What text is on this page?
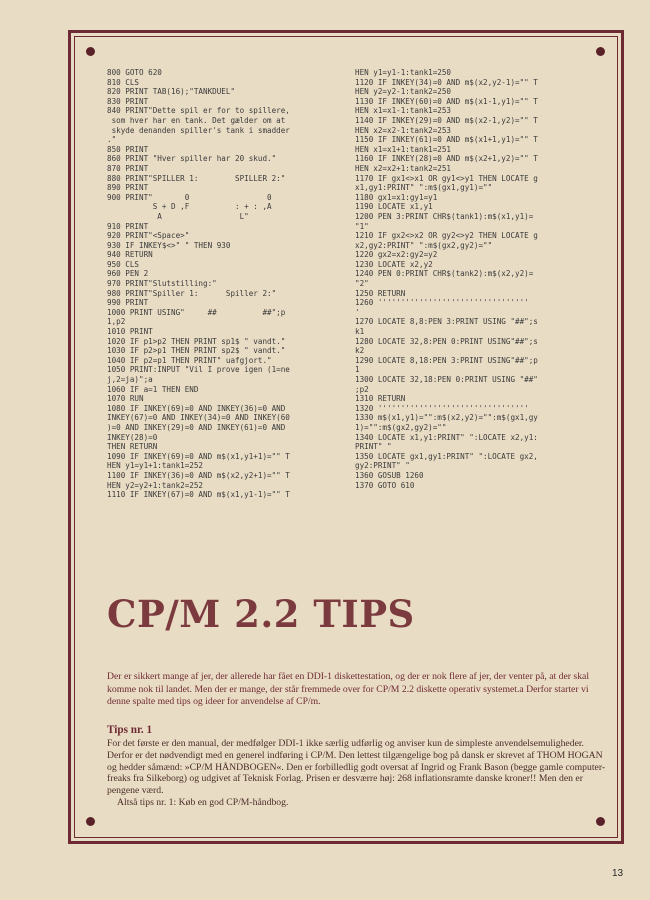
800 GOTO 620
810 CLS
820 PRINT TAB(16);"TANKDUEL"
830 PRINT
840 PRINT"Dette spil er for to spillere,
som hver har en tank. Det gælder om at
skyde denanden spiller's tank i smadder
."
850 PRINT
860 PRINT "Hver spiller har 20 skud."
870 PRINT
880 PRINT"SPILLER 1:        SPILLER 2:"
890 PRINT
900 PRINT"       0                 0
S + D ,F          : + : ,A
A                 L"
910 PRINT
920 PRINT"<Space>"
930 IF INKEY$<>" " THEN 930
940 RETURN
950 CLS
960 PEN 2
970 PRINT"Slutstilling:"
980 PRINT"Spiller 1:      Spiller 2:"
990 PRINT
1000 PRINT USING"     ##          ##";p
1,p2
1010 PRINT
1020 IF p1>p2 THEN PRINT sp1$ " vandt."
1030 IF p2>p1 THEN PRINT sp2$ " vandt."
1040 IF p2=p1 THEN PRINT" uafgjort."
1050 PRINT:INPUT "Vil I prove igen (1=ne
j,2=ja)";a
1060 IF a=1 THEN END
1070 RUN
1080 IF INKEY(69)=0 AND INKEY(36)=0 AND
INKEY(67)=0 AND INKEY(34)=0 AND INKEY(60
)=0 AND INKEY(29)=0 AND INKEY(61)=0 AND
INKEY(28)=0
THEN RETURN
1090 IF INKEY(69)=0 AND m$(x1,y1+1)="" T
HEN y1=y1+1:tank1=252
1100 IF INKEY(36)=0 AND m$(x2,y2+1)="" T
HEN y2=y2+1:tank2=252
1110 IF INKEY(67)=0 AND m$(x1,y1-1)="" T
HEN y1=y1-1:tank1=250
1120 IF INKEY(34)=0 AND m$(x2,y2-1)="" T
HEN y2=y2-1:tank2=250
1130 IF INKEY(60)=0 AND m$(x1-1,y1)="" T
HEN x1=x1-1:tank1=253
1140 IF INKEY(29)=0 AND m$(x2-1,y2)="" T
HEN x2=x2-1:tank2=253
1150 IF INKEY(61)=0 AND m$(x1+1,y1)="" T
HEN x1=x1+1:tank1=251
1160 IF INKEY(28)=0 AND m$(x2+1,y2)="" T
HEN x2=x2+1:tank2=251
1170 IF gx1<>x1 OR gy1<>y1 THEN LOCATE g
x1,gy1:PRINT" ":m$(gx1,gy1)=""
1180 gx1=x1:gy1=y1
1190 LOCATE x1,y1
1200 PEN 3:PRINT CHR$(tank1):m$(x1,y1)=
"1"
1210 IF gx2<>x2 OR gy2<>y2 THEN LOCATE g
x2,gy2:PRINT" ":m$(gx2,gy2)=""
1220 gx2=x2:gy2=y2
1230 LOCATE x2,y2
1240 PEN 0:PRINT CHR$(tank2):m$(x2,y2)=
"2"
1250 RETURN
1260 '''''''''''''''''''''''''''''''''
'
1270 LOCATE 8,8:PEN 3:PRINT USING "##";s
k1
1280 LOCATE 32,8:PEN 0:PRINT USING"##";s
k2
1290 LOCATE 8,18:PEN 3:PRINT USING"##";p
1
1300 LOCATE 32,18:PEN 0:PRINT USING "##"
;p2
1310 RETURN
1320 '''''''''''''''''''''''''''''''''
1330 m$(x1,y1)="":m$(x2,y2)="":m$(gx1,gy
1)="":m$(gx2,gy2)=""
1340 LOCATE x1,y1:PRINT" ":LOCATE x2,y1:
PRINT" "
1350 LOCATE gx1,gy1:PRINT" ":LOCATE gx2,
gy2:PRINT" "
1360 GOSUB 1260
1370 GOTO 610
CP/M 2.2 TIPS

Der er sikkert mange af jer, der allerede har fået en DDI-1 diskettestation, og der er nok flere af jer, der venter på, at der skal komme nok til landet. Men der er mange, der står fremmede over for CP/M 2.2 diskette operativ systemet.a Derfor starter vi denne spalte med tips og ideer for anvendelse af CP/m.

Tips nr. 1

For det første er den manual, der medfølger DDI-1 ikke særlig udførlig og anviser kun de simpleste anvendelsemuligheder. Derfor er det nødvendigt med en generel indføring i CP/M. Den lettest tilgængelige bog på dansk er skrevet af THOM HOGAN og hedder såmænd: »CP/M HÅNDBOGEN«. Den er forbilledlig godt oversat af Ingrid og Frank Bason (begge gamle computer-freaks fra Silkeborg) og udgivet af Teknisk Forlag. Prisen er desværre høj: 268 inflationsramte danske kroner!! Men den er pengene værd.

Altså tips nr. 1: Køb en god CP/M-håndbog.

13
